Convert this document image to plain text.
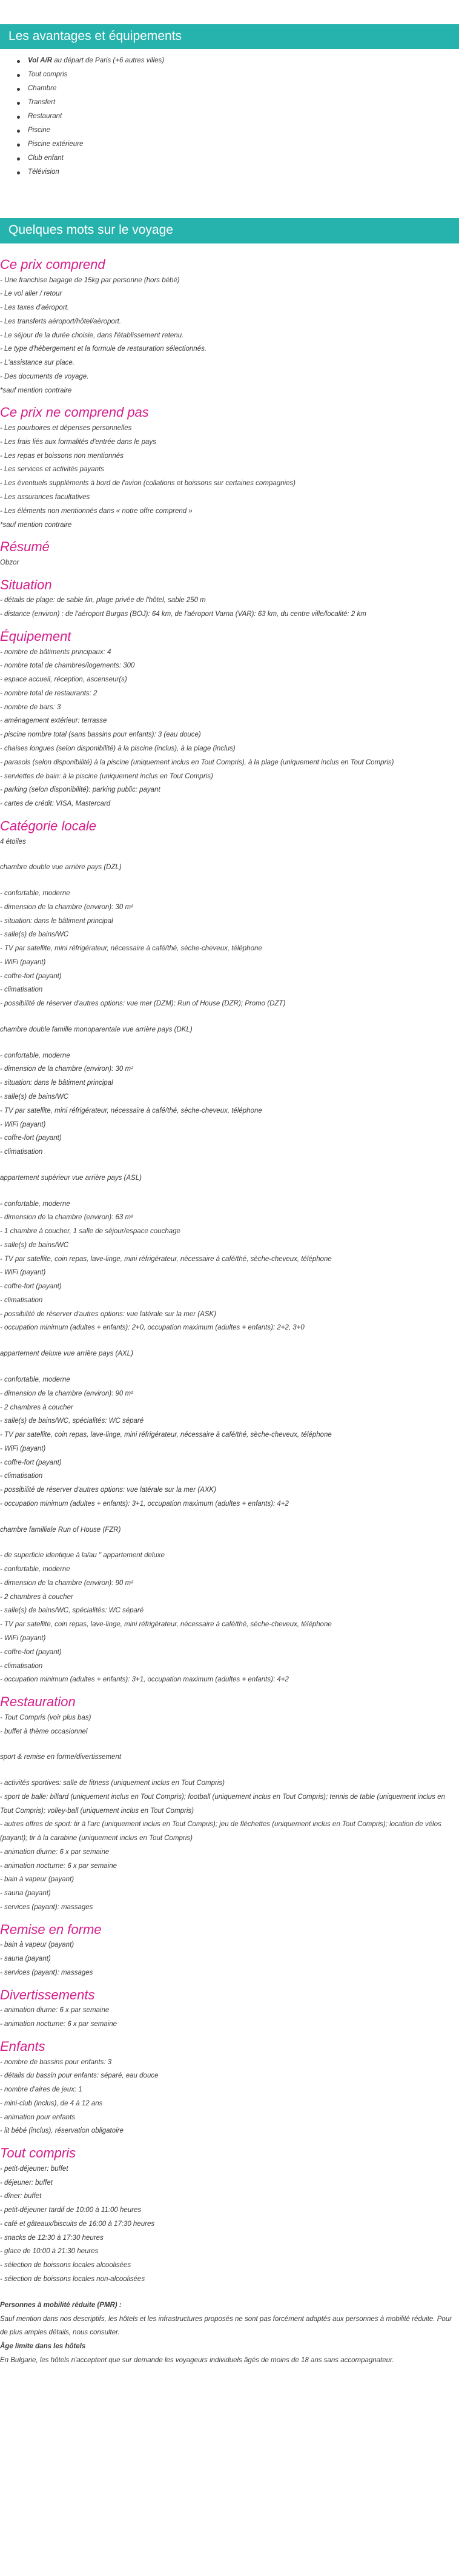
Les avantages et équipements
Vol A/R au départ de Paris (+6 autres villes)
Tout compris
Chambre
Transfert
Restaurant
Piscine
Piscine extérieure
Club enfant
Télévision
Quelques mots sur le voyage
Ce prix comprend
- Une franchise bagage de 15kg par personne (hors bébé)
- Le vol aller / retour
- Les taxes d'aéroport.
- Les transferts aéroport/hôtel/aéroport.
- Le séjour de la durée choisie, dans l'établissement retenu.
- Le type d'hébergement et la formule de restauration sélectionnés.
- L'assistance sur place.
- Des documents de voyage.
*sauf mention contraire
Ce prix ne comprend pas
- Les pourboires et dépenses personnelles
- Les frais liés aux formalités d'entrée dans le pays
- Les repas et boissons non mentionnés
- Les services et activités payants
- Les éventuels suppléments à bord de l'avion (collations et boissons sur certaines compagnies)
- Les assurances facultatives
- Les éléments non mentionnés dans « notre offre comprend »
*sauf mention contraire
Résumé
Obzor
Situation
- détails de plage: de sable fin, plage privée de l'hôtel, sable 250 m
- distance (environ) : de l'aéroport Burgas (BOJ): 64 km, de l'aéroport Varna (VAR): 63 km, du centre ville/localité: 2 km
Équipement
- nombre de bâtiments principaux: 4
- nombre total de chambres/logements: 300
- espace accueil, réception, ascenseur(s)
- nombre total de restaurants: 2
- nombre de bars: 3
- aménagement extérieur: terrasse
- piscine nombre total (sans bassins pour enfants): 3 (eau douce)
- chaises longues (selon disponibilité) à la piscine (inclus), à la plage (inclus)
- parasols (selon disponibilité) à la piscine (uniquement inclus en Tout Compris), à la plage (uniquement inclus en Tout Compris)
- serviettes de bain: à la piscine (uniquement inclus en Tout Compris)
- parking (selon disponibilité): parking public: payant
- cartes de crédit: VISA, Mastercard
Catégorie locale
4 étoiles
chambre double vue arrière pays (DZL)
- confortable, moderne
- dimension de la chambre (environ): 30 m²
- situation: dans le bâtiment principal
- salle(s) de bains/WC
- TV par satellite, mini réfrigérateur, nécessaire à café/thé, sèche-cheveux, téléphone
- WiFi (payant)
- coffre-fort (payant)
- climatisation
- possibilité de réserver d'autres options: vue mer (DZM); Run of House (DZR); Promo (DZT)
chambre double famille monoparentale vue arrière pays (DKL)
- confortable, moderne
- dimension de la chambre (environ): 30 m²
- situation: dans le bâtiment principal
- salle(s) de bains/WC
- TV par satellite, mini réfrigérateur, nécessaire à café/thé, sèche-cheveux, téléphone
- WiFi (payant)
- coffre-fort (payant)
- climatisation
appartement supérieur vue arrière pays (ASL)
- confortable, moderne
- dimension de la chambre (environ): 63 m²
- 1 chambre à coucher, 1 salle de séjour/espace couchage
- salle(s) de bains/WC
- TV par satellite, coin repas, lave-linge, mini réfrigérateur, nécessaire à café/thé, sèche-cheveux, téléphone
- WiFi (payant)
- coffre-fort (payant)
- climatisation
- possibilité de réserver d'autres options: vue latérale sur la mer (ASK)
- occupation minimum (adultes + enfants): 2+0, occupation maximum (adultes + enfants): 2+2, 3+0
appartement deluxe vue arrière pays (AXL)
- confortable, moderne
- dimension de la chambre (environ): 90 m²
- 2 chambres à coucher
- salle(s) de bains/WC, spécialités: WC séparé
- TV par satellite, coin repas, lave-linge, mini réfrigérateur, nécessaire à café/thé, sèche-cheveux, téléphone
- WiFi (payant)
- coffre-fort (payant)
- climatisation
- possibilité de réserver d'autres options: vue latérale sur la mer (AXK)
- occupation minimum (adultes + enfants): 3+1, occupation maximum (adultes + enfants): 4+2
chambre familliale Run of House (FZR)
- de superficie identique à la/au " appartement deluxe
- confortable, moderne
- dimension de la chambre (environ): 90 m²
- 2 chambres à coucher
- salle(s) de bains/WC, spécialités: WC séparé
- TV par satellite, coin repas, lave-linge, mini réfrigérateur, nécessaire à café/thé, sèche-cheveux, téléphone
- WiFi (payant)
- coffre-fort (payant)
- climatisation
- occupation minimum (adultes + enfants): 3+1, occupation maximum (adultes + enfants): 4+2
Restauration
- Tout Compris (voir plus bas)
- buffet à thème occasionnel
sport & remise en forme/divertissement
- activités sportives: salle de fitness (uniquement inclus en Tout Compris)
- sport de balle: billard (uniquement inclus en Tout Compris); football (uniquement inclus en Tout Compris); tennis de table (uniquement inclus en Tout Compris); volley-ball (uniquement inclus en Tout Compris)
- autres offres de sport: tir à l'arc (uniquement inclus en Tout Compris); jeu de fléchettes (uniquement inclus en Tout Compris); location de vélos (payant); tir à la carabine (uniquement inclus en Tout Compris)
- animation diurne: 6 x par semaine
- animation nocturne: 6 x par semaine
- bain à vapeur (payant)
- sauna (payant)
- services (payant): massages
Remise en forme
- bain à vapeur (payant)
- sauna (payant)
- services (payant): massages
Divertissements
- animation diurne: 6 x par semaine
- animation nocturne: 6 x par semaine
Enfants
- nombre de bassins pour enfants: 3
- détails du bassin pour enfants: séparé, eau douce
- nombre d'aires de jeux: 1
- mini-club (inclus), de 4 à 12 ans
- animation pour enfants
- lit bébé (inclus), réservation obligatoire
Tout compris
- petit-déjeuner: buffet
- déjeuner: buffet
- dîner: buffet
- petit-déjeuner tardif de 10:00 à 11:00 heures
- café et gâteaux/biscuits de 16:00 à 17:30 heures
- snacks de 12:30 à 17:30 heures
- glace de 10:00 à 21:30 heures
- sélection de boissons locales alcoolisées
- sélection de boissons locales non-alcoolisées
Personnes à mobilité réduite (PMR) :
Sauf mention dans nos descriptifs, les hôtels et les infrastructures proposés ne sont pas forcément adaptés aux personnes à mobilité réduite. Pour de plus amples détails, nous consulter.
Âge limite dans les hôtels
En Bulgarie, les hôtels n'acceptent que sur demande les voyageurs individuels âgés de moins de 18 ans sans accompagnateur.
